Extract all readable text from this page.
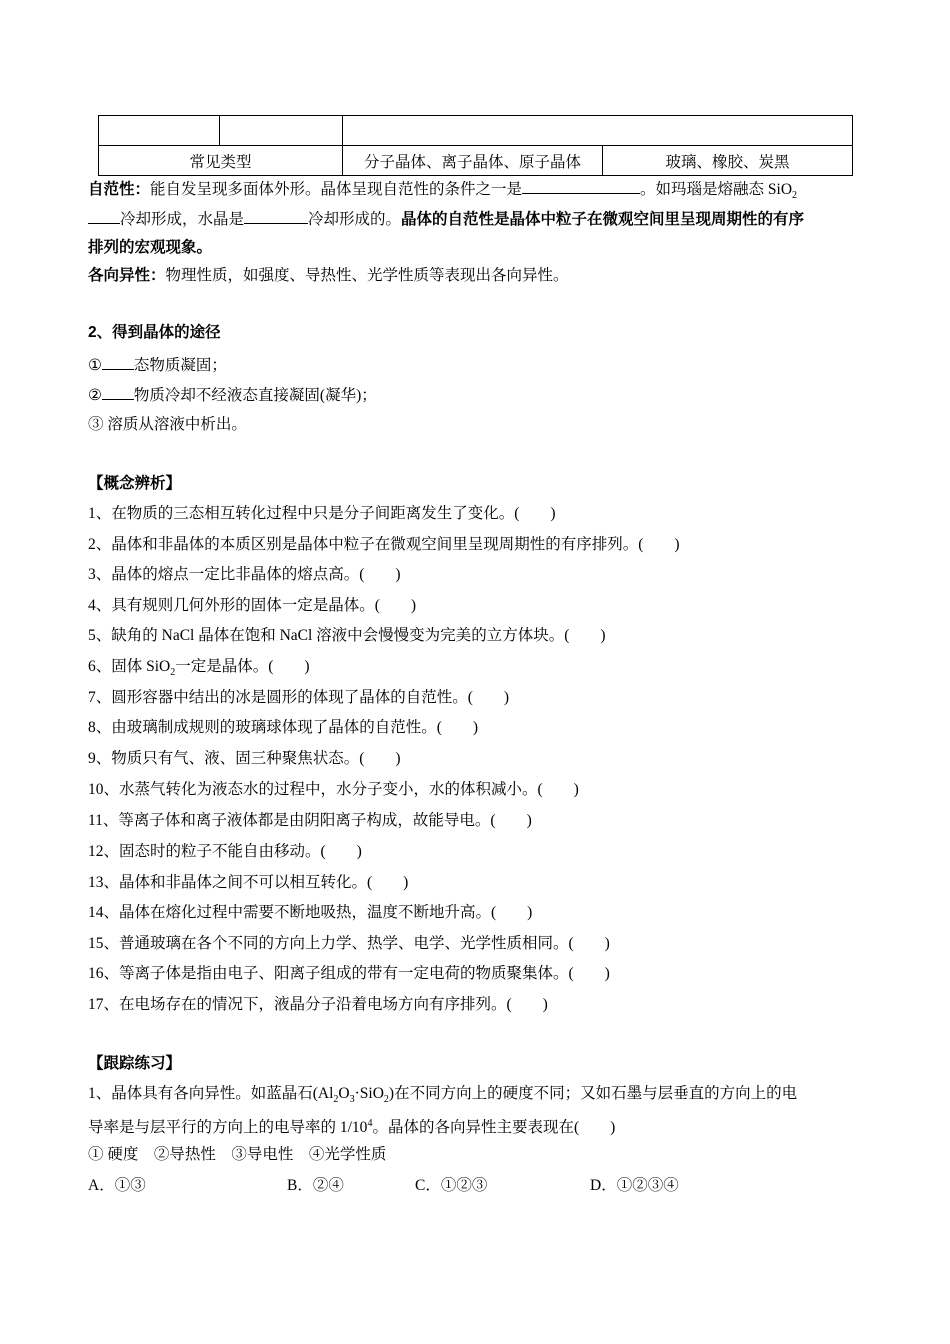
常见类型		分子晶体、离子晶体、原子晶体	玻璃、橡胶、炭黑
自范性：能自发呈现多面体外形。晶体呈现自范性的条件之一是	。如玛瑙是熔融态 SiO$_2$
冷却形成，水晶是	冷却形成的。晶体的自范性是晶体中粒子在微观空间里呈现周期性的有序
排列的宏观现象。
各向异性：物理性质，如强度、导热性、光学性质等表现出各向异性。
2、得到晶体的途径
① 态物质凝固；
② 物质冷却不经液态直接凝固(凝华)；
③ 溶质从溶液中析出。
【概念辨析】
1、在物质的三态相互转化过程中只是分子间距离发生了变化。(　　)
2、晶体和非晶体的本质区别是晶体中粒子在微观空间里呈现周期性的有序排列。(　　)
3、晶体的熔点一定比非晶体的熔点高。(　　)
4、具有规则几何外形的固体一定是晶体。(　　)
5、缺角的 NaCl 晶体在饱和 NaCl 溶液中会慢慢变为完美的立方体块。(　　)
6、固体 SiO$_2$一定是晶体。(　　)
7、圆形容器中结出的冰是圆形的体现了晶体的自范性。(　　)
8、由玻璃制成规则的玻璃球体现了晶体的自范性。(　　)
9、物质只有气、液、固三种聚焦状态。(　　)
10、水蒸气转化为液态水的过程中，水分子变小，水的体积减小。(　　)
11、等离子体和离子液体都是由阴阳离子构成，故能导电。(　　)
12、固态时的粒子不能自由移动。(　　)
13、晶体和非晶体之间不可以相互转化。(　　)
14、晶体在熔化过程中需要不断地吸热，温度不断地升高。(　　)
15、普通玻璃在各个不同的方向上力学、热学、电学、光学性质相同。(　　)
16、等离子体是指由电子、阳离子组成的带有一定电荷的物质聚集体。(　　)
17、在电场存在的情况下，液晶分子沿着电场方向有序排列。(　　)
【跟踪练习】
1、晶体具有各向异性。如蓝晶石$(Al_2O_3\cdot SiO_2)$在不同方向上的硬度不同；又如石墨与层垂直的方向上的电
导率是与层平行的方向上的电导率的 $1/10^4$。晶体的各向异性主要表现在(　　)
① 硬度　②导热性　③导电性　④光学性质
A．①③	B．②④	C．①②③	D．①②③④
